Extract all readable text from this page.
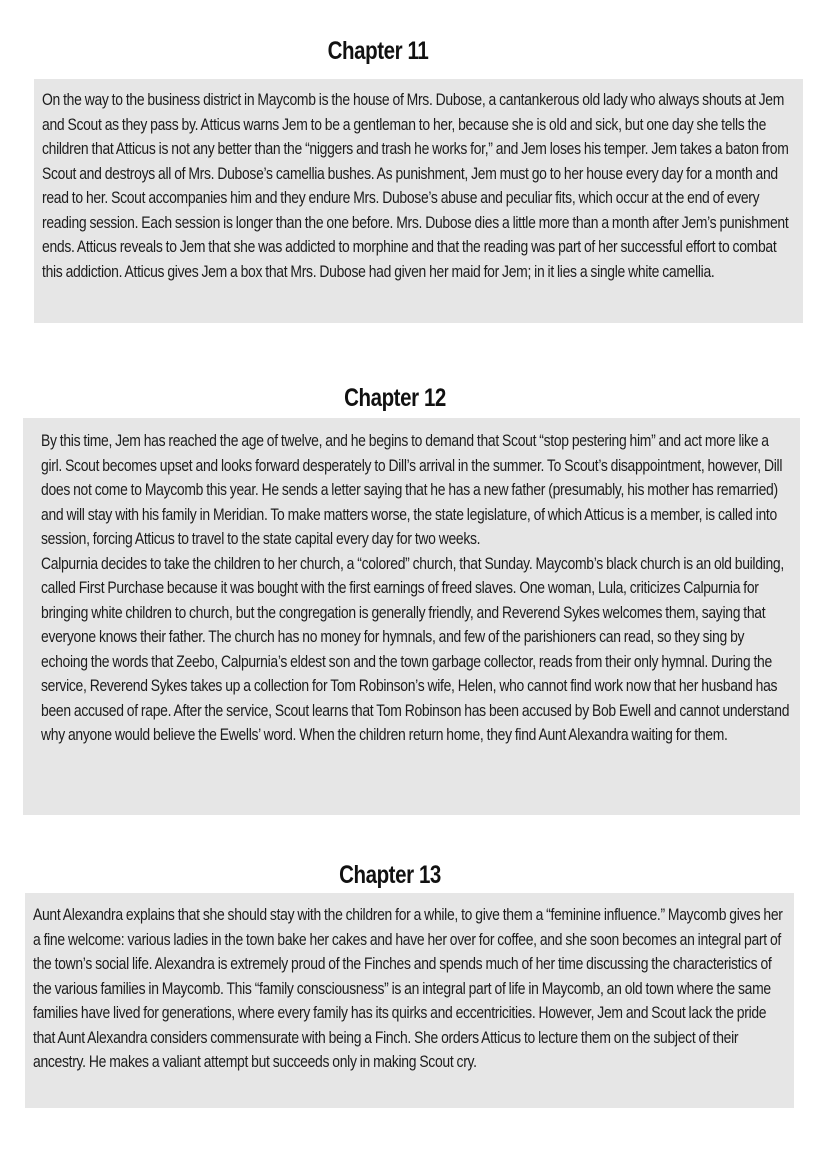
Chapter 11

On the way to the business district in Maycomb is the house of Mrs. Dubose, a cantankerous old lady who always shouts at Jem and Scout as they pass by. Atticus warns Jem to be a gentleman to her, because she is old and sick, but one day she tells the children that Atticus is not any better than the “niggers and trash he works for,” and Jem loses his temper. Jem takes a baton from Scout and destroys all of Mrs. Dubose’s camellia bushes. As punishment, Jem must go to her house every day for a month and read to her. Scout accompanies him and they endure Mrs. Dubose’s abuse and peculiar fits, which occur at the end of every reading session. Each session is longer than the one before. Mrs. Dubose dies a little more than a month after Jem’s punishment ends. Atticus reveals to Jem that she was addicted to morphine and that the reading was part of her successful effort to combat this addiction. Atticus gives Jem a box that Mrs. Dubose had given her maid for Jem; in it lies a single white camellia.

Chapter 12

By this time, Jem has reached the age of twelve, and he begins to demand that Scout “stop pestering him” and act more like a girl. Scout becomes upset and looks forward desperately to Dill’s arrival in the summer. To Scout’s disappointment, however, Dill does not come to Maycomb this year. He sends a letter saying that he has a new father (presumably, his mother has remarried) and will stay with his family in Meridian. To make matters worse, the state legislature, of which Atticus is a member, is called into session, forcing Atticus to travel to the state capital every day for two weeks.

Calpurnia decides to take the children to her church, a “colored” church, that Sunday. Maycomb’s black church is an old building, called First Purchase because it was bought with the first earnings of freed slaves. One woman, Lula, criticizes Calpurnia for bringing white children to church, but the congregation is generally friendly, and Reverend Sykes welcomes them, saying that everyone knows their father. The church has no money for hymnals, and few of the parishioners can read, so they sing by echoing the words that Zeebo, Calpurnia’s eldest son and the town garbage collector, reads from their only hymnal. During the service, Reverend Sykes takes up a collection for Tom Robinson’s wife, Helen, who cannot find work now that her husband has been accused of rape. After the service, Scout learns that Tom Robinson has been accused by Bob Ewell and cannot understand why anyone would believe the Ewells’ word. When the children return home, they find Aunt Alexandra waiting for them.

Chapter 13

Aunt Alexandra explains that she should stay with the children for a while, to give them a “feminine influence.” Maycomb gives her a fine welcome: various ladies in the town bake her cakes and have her over for coffee, and she soon becomes an integral part of the town’s social life. Alexandra is extremely proud of the Finches and spends much of her time discussing the characteristics of the various families in Maycomb. This “family consciousness” is an integral part of life in Maycomb, an old town where the same families have lived for generations, where every family has its quirks and eccentricities. However, Jem and Scout lack the pride that Aunt Alexandra considers commensurate with being a Finch. She orders Atticus to lecture them on the subject of their ancestry. He makes a valiant attempt but succeeds only in making Scout cry.
